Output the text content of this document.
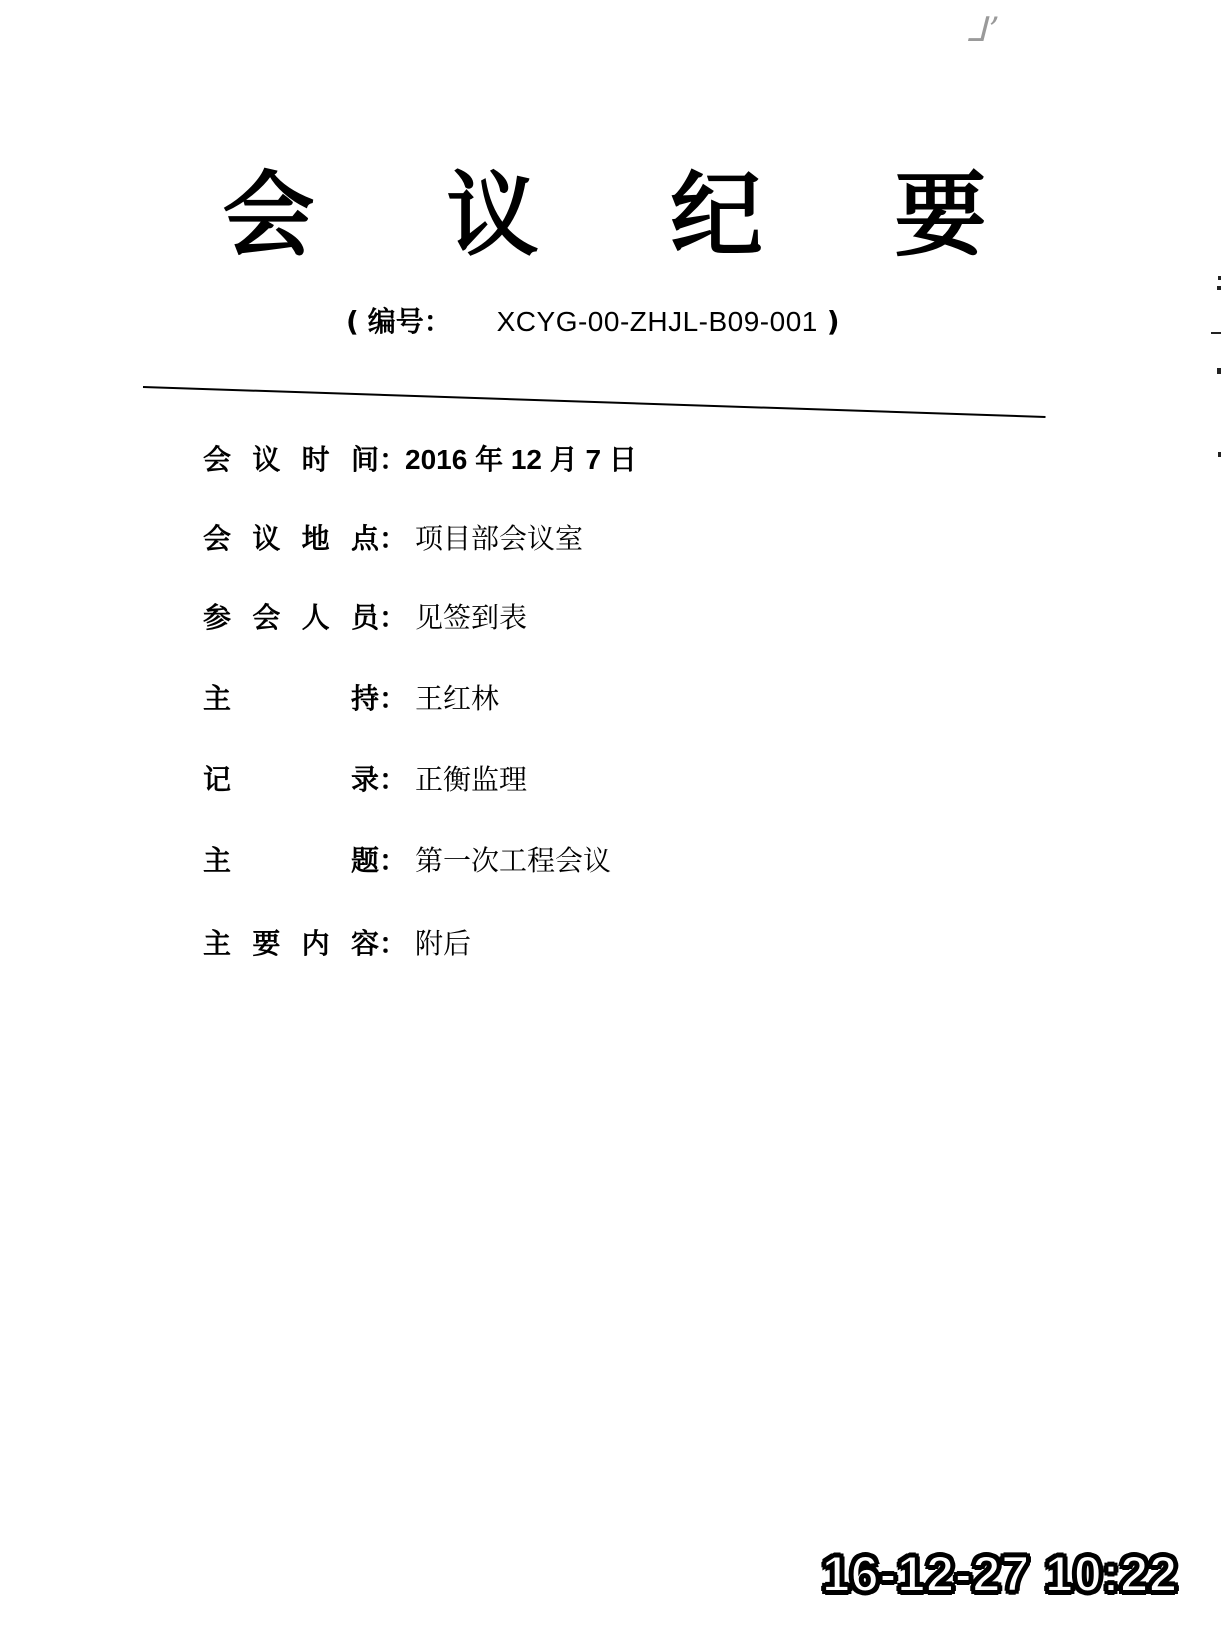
ᒧ’
会 议 纪 要
( 编号： XCYG-00-ZHJL-B09-001 )
会议时间：2016 年 12 月 7 日
会议地点： 项目部会议室
参会人员： 见签到表
主持： 王红林
记录： 正衡监理
主题： 第一次工程会议
主要内容： 附后
16-12-27 10:22
